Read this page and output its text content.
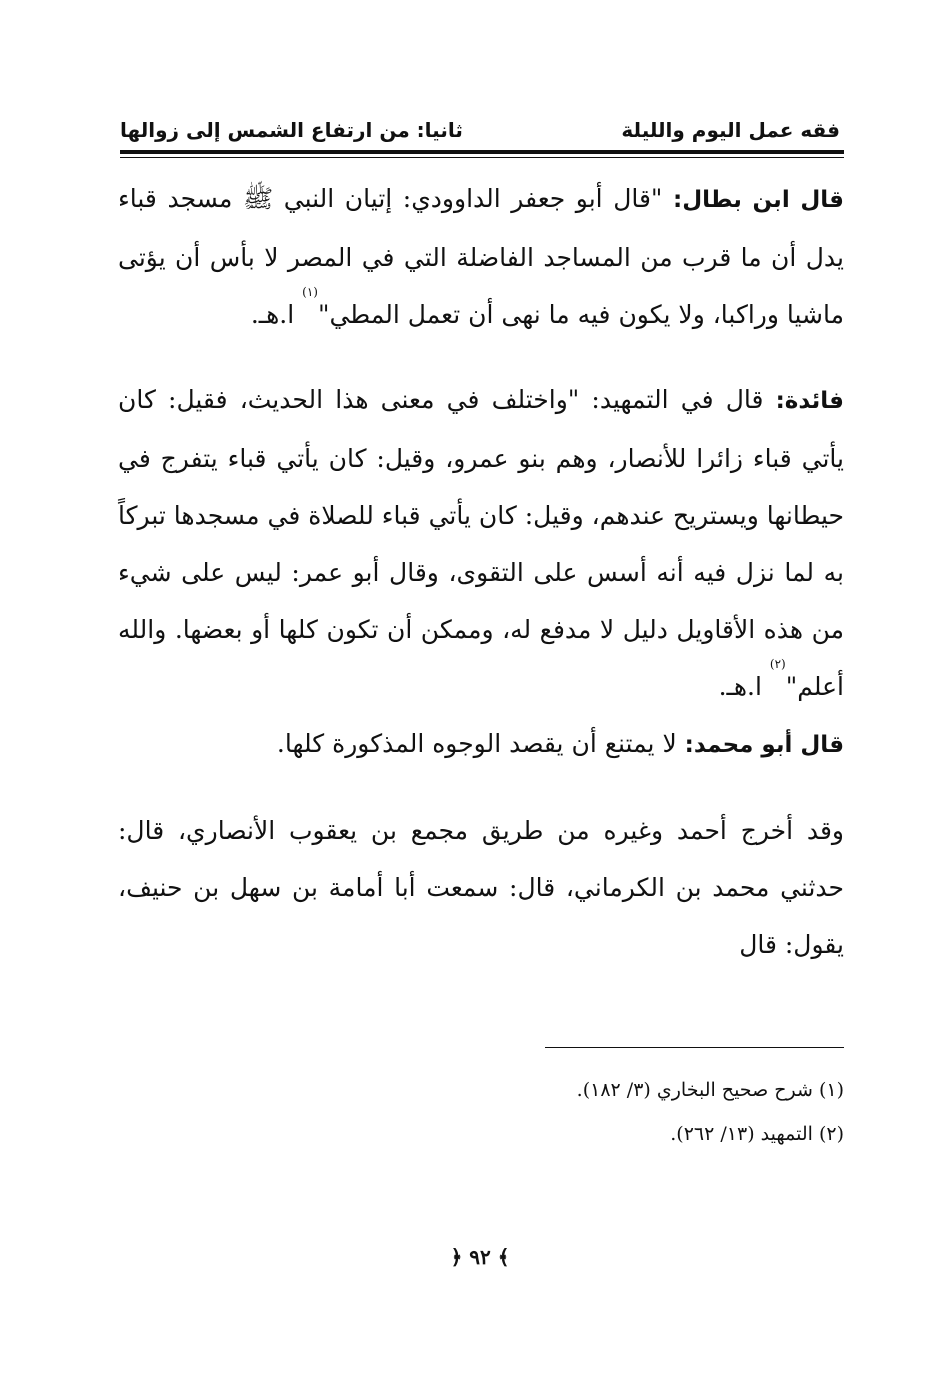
فقه عمل اليوم والليلة
ثانيا: من ارتفاع الشمس إلى زوالها

قال ابن بطال: "قال أبو جعفر الداوودي: إتيان النبي ﷺ مسجد قباء يدل أن ما قرب من المساجد الفاضلة التي في المصر لا بأس أن يؤتى ماشيا وراكبا، ولا يكون فيه ما نهى أن تعمل المطي"$^{(١)}$ ا.هـ.

فائدة: قال في التمهيد: "واختلف في معنى هذا الحديث، فقيل: كان يأتي قباء زائرا للأنصار، وهم بنو عمرو، وقيل: كان يأتي قباء يتفرج في حيطانها ويستريح عندهم، وقيل: كان يأتي قباء للصلاة في مسجدها تبركاً به لما نزل فيه أنه أسس على التقوى، وقال أبو عمر: ليس على شيء من هذه الأقاويل دليل لا مدفع له، وممكن أن تكون كلها أو بعضها. والله أعلم"$^{(٢)}$ ا.هـ.

قال أبو محمد: لا يمتنع أن يقصد الوجوه المذكورة كلها.

وقد أخرج أحمد وغيره من طريق مجمع بن يعقوب الأنصاري، قال: حدثني محمد بن الكرماني، قال: سمعت أبا أمامة بن سهل بن حنيف، يقول: قال

(١) شرح صحيح البخاري (٣/ ١٨٢).

(٢) التمهيد (١٣/ ٢٦٢).

﴾ ٩٢ ﴿
